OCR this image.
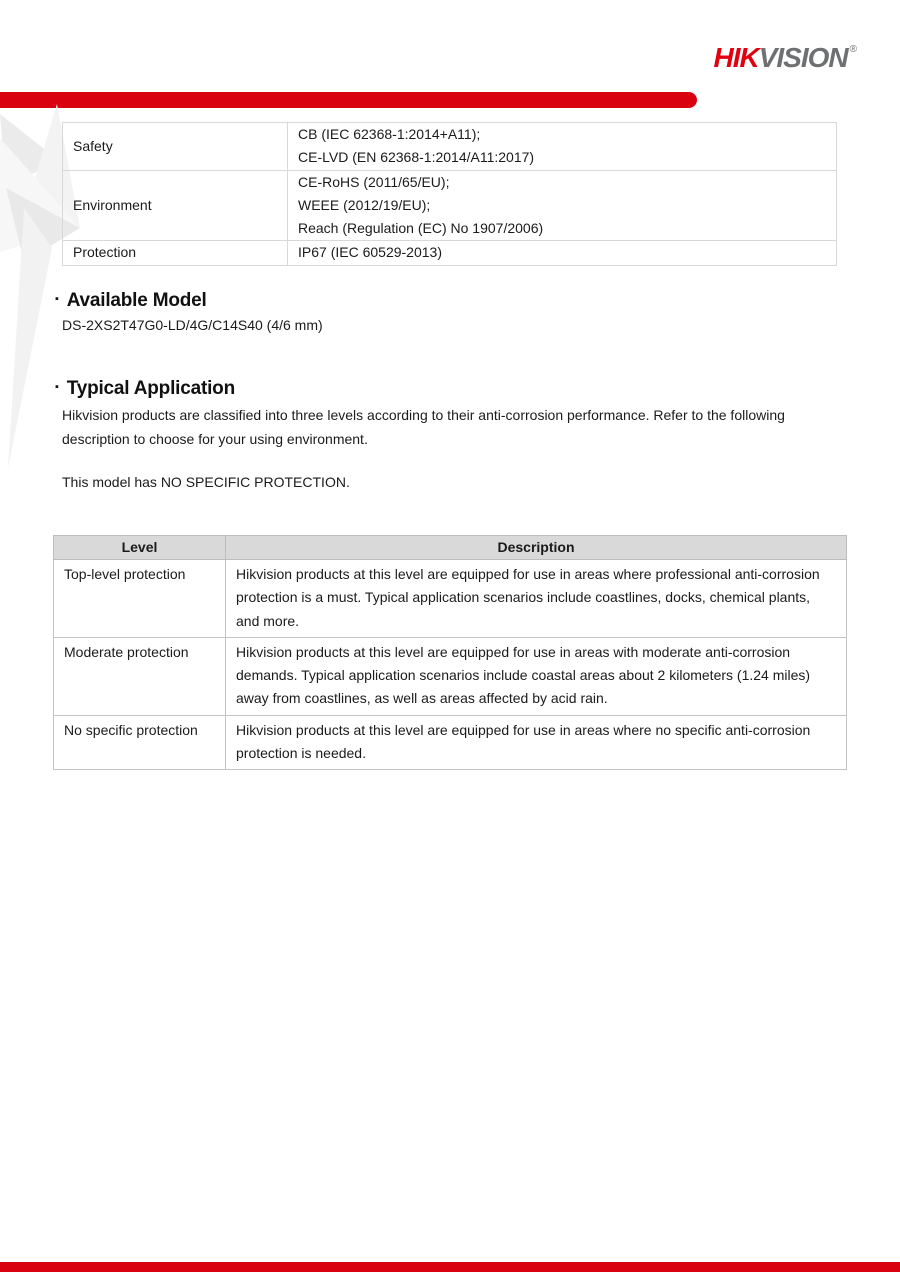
HIKVISION ®
Safety	CB (IEC 62368-1:2014+A11);
CE-LVD (EN 62368-1:2014/A11:2017)

Environment	CE-RoHS (2011/65/EU);
WEEE (2012/19/EU);
Reach (Regulation (EC) No 1907/2006)

Protection	IP67 (IEC 60529-2013)
▪ Available Model
DS-2XS2T47G0-LD/4G/C14S40 (4/6 mm)
▪ Typical Application
Hikvision products are classified into three levels according to their anti-corrosion performance. Refer to the following description to choose for your using environment.
This model has NO SPECIFIC PROTECTION.
Level	Description
Top-level protection	Hikvision products at this level are equipped for use in areas where professional anti-corrosion protection is a must. Typical application scenarios include coastlines, docks, chemical plants, and more.
Moderate protection	Hikvision products at this level are equipped for use in areas with moderate anti-corrosion demands. Typical application scenarios include coastal areas about 2 kilometers (1.24 miles) away from coastlines, as well as areas affected by acid rain.
No specific protection	Hikvision products at this level are equipped for use in areas where no specific anti-corrosion protection is needed.
